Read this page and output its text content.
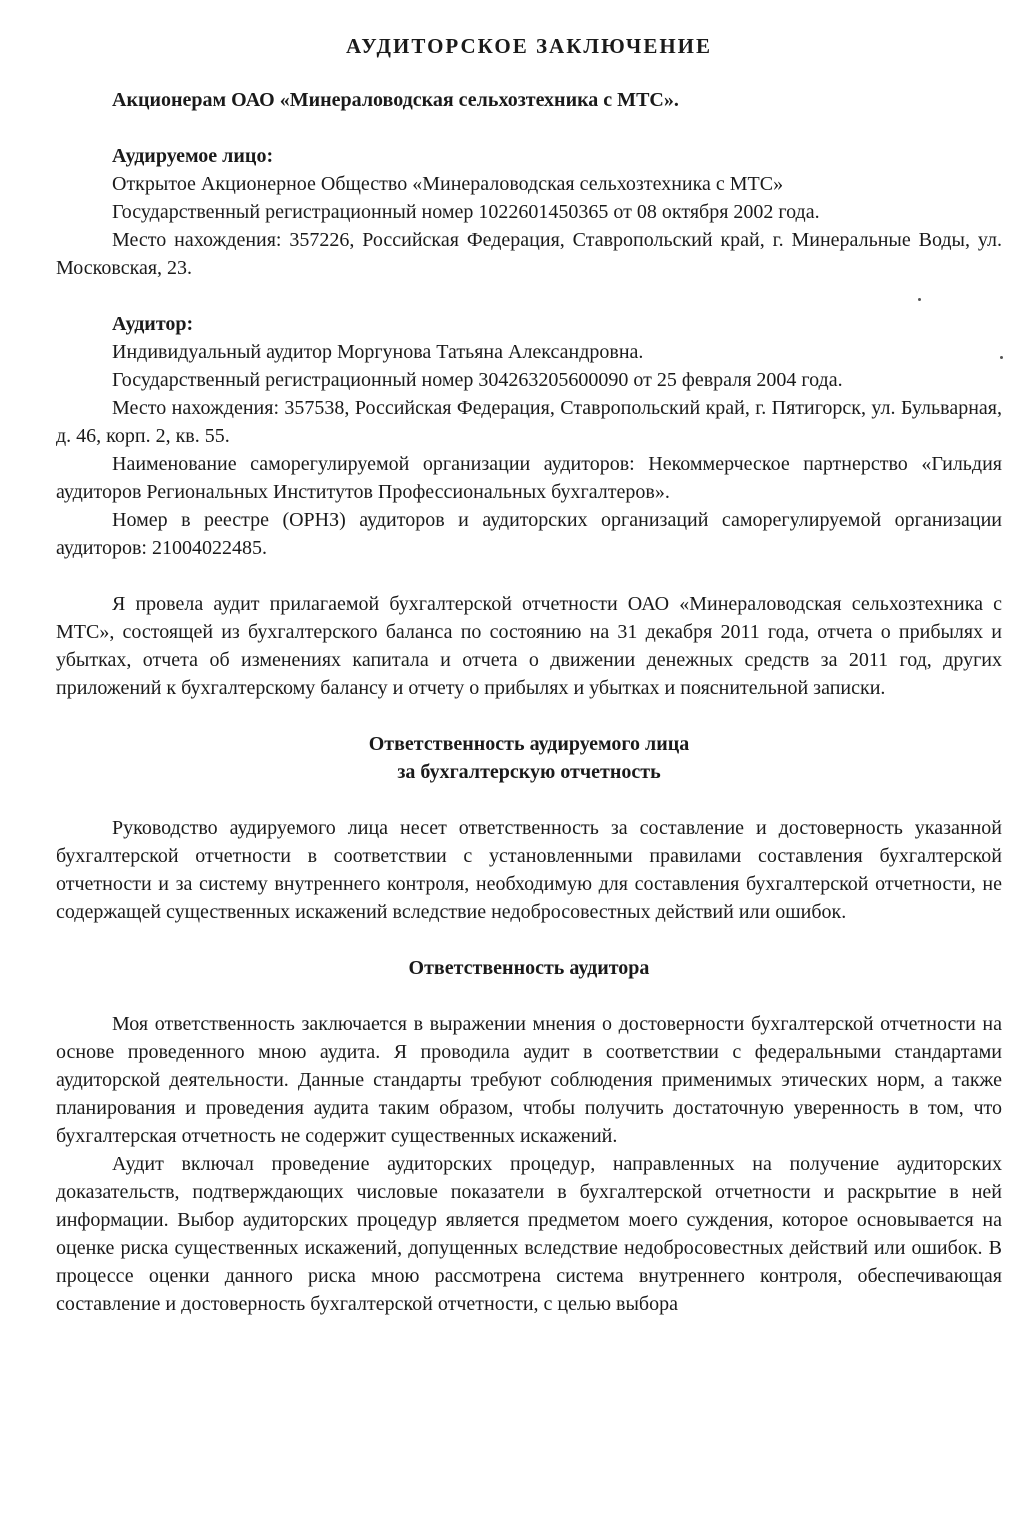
АУДИТОРСКОЕ ЗАКЛЮЧЕНИЕ
Акционерам ОАО «Минераловодская сельхозтехника с МТС».
Аудируемое лицо:

Открытое Акционерное Общество «Минераловодская сельхозтехника с МТС»

Государственный регистрационный номер 1022601450365 от 08 октября 2002 года.

Место нахождения: 357226, Российская Федерация, Ставропольский край, г. Минеральные Воды, ул. Московская, 23.

Аудитор:

Индивидуальный аудитор Моргунова Татьяна Александровна.

Государственный регистрационный номер 304263205600090 от 25 февраля 2004 года.

Место нахождения: 357538, Российская Федерация, Ставропольский край, г. Пятигорск, ул. Бульварная, д. 46, корп. 2, кв. 55.

Наименование саморегулируемой организации аудиторов: Некоммерческое партнерство «Гильдия аудиторов Региональных Институтов Профессиональных бухгалтеров».

Номер в реестре (ОРНЗ) аудиторов и аудиторских организаций саморегулируемой организации аудиторов: 21004022485.

Я провела аудит прилагаемой бухгалтерской отчетности ОАО «Минераловодская сельхозтехника с МТС», состоящей из бухгалтерского баланса по состоянию на 31 декабря 2011 года, отчета о прибылях и убытках, отчета об изменениях капитала и отчета о движении денежных средств за 2011 год, других приложений к бухгалтерскому балансу и отчету о прибылях и убытках и пояснительной записки.

Ответственность аудируемого лица
за бухгалтерскую отчетность

Руководство аудируемого лица несет ответственность за составление и достоверность указанной бухгалтерской отчетности в соответствии с установленными правилами составления бухгалтерской отчетности и за систему внутреннего контроля, необходимую для составления бухгалтерской отчетности, не содержащей существенных искажений вследствие недобросовестных действий или ошибок.

Ответственность аудитора

Моя ответственность заключается в выражении мнения о достоверности бухгалтерской отчетности на основе проведенного мною аудита. Я проводила аудит в соответствии с федеральными стандартами аудиторской деятельности. Данные стандарты требуют соблюдения применимых этических норм, а также планирования и проведения аудита таким образом, чтобы получить достаточную уверенность в том, что бухгалтерская отчетность не содержит существенных искажений.

Аудит включал проведение аудиторских процедур, направленных на получение аудиторских доказательств, подтверждающих числовые показатели в бухгалтерской отчетности и раскрытие в ней информации. Выбор аудиторских процедур является предметом моего суждения, которое основывается на оценке риска существенных искажений, допущенных вследствие недобросовестных действий или ошибок. В процессе оценки данного риска мною рассмотрена система внутреннего контроля, обеспечивающая составление и достоверность бухгалтерской отчетности, с целью выбора
